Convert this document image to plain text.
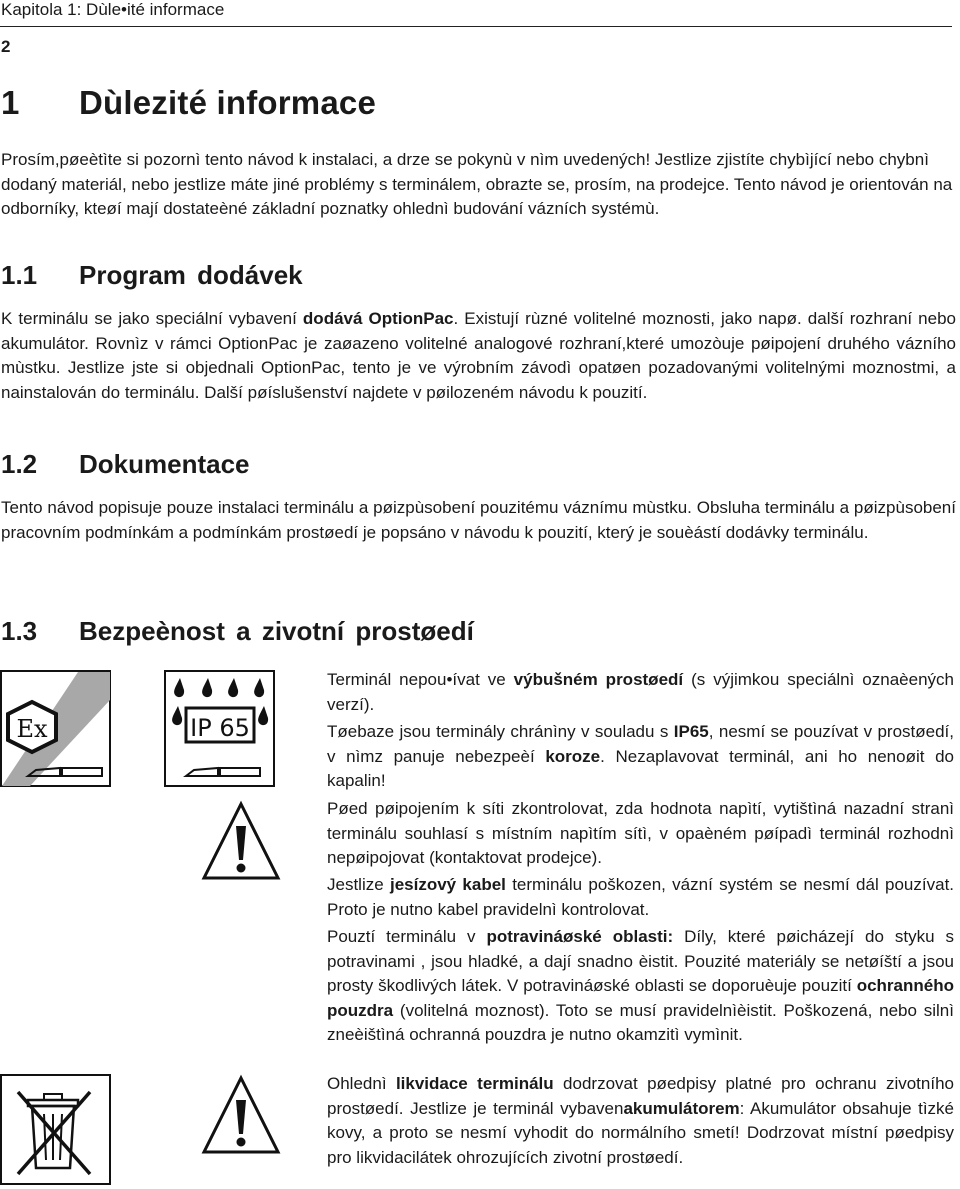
Kapitola 1: Dùle•ité informace
2
1 Dùlezité informace

Prosím,pøeètìte si pozornì tento návod k instalaci, a drze se pokynù v nìm uvedených! Jestlize zjistíte chybìjící nebo chybnì dodaný materiál, nebo jestlize máte jiné problémy s terminálem, obrazte se, prosím, na prodejce. Tento návod je orientován na odborníky, kteøí mají dostateèné základní poznatky ohlednì budování vázních systémù.

1.1 Program dodávek

K terminálu se jako speciální vybavení dodává OptionPac. Existují rùzné volitelné moznosti, jako napø. další rozhraní nebo akumulátor. Rovnìz v rámci OptionPac je zaøazeno volitelné analogové rozhraní,které umozòuje pøipojení druhého vázního mùstku. Jestlize jste si objednali OptionPac, tento je ve výrobním závodì opatøen pozadovanými volitelnými moznostmi, a nainstalován do terminálu. Další pøíslušenství najdete v pøilozeném návodu k pouzití.

1.2 Dokumentace

Tento návod popisuje pouze instalaci terminálu a pøizpùsobení pouzitému váznímu mùstku. Obsluha terminálu a pøizpùsobení pracovním podmínkám a podmínkám prostøedí je popsáno v návodu k pouzití, který je souèástí dodávky terminálu.

1.3 Bezpeènost a zivotní prostøedí
Ex	IP 65

Terminál nepou•ívat ve výbušném prostøedí (s výjimkou speciálnì oznaèených verzí).

Tøebaze jsou terminály chránìny v souladu s IP65, nesmí se pouzívat v prostøedí, v nìmz panuje nebezpeèí koroze. Nezaplavovat terminál, ani ho nenoøit do kapalin!

Pøed pøipojením k síti zkontrolovat, zda hodnota napìtí, vytištìná nazadní stranì terminálu souhlasí s místním napìtím sítì, v opaèném pøípadì terminál rozhodnì nepøipojovat (kontaktovat prodejce).

Jestlize jesízový kabel terminálu poškozen, vázní systém se nesmí dál pouzívat. Proto je nutno kabel pravidelnì kontrolovat.

Pouztí terminálu v potravináøské oblasti: Díly, které pøicházejí do styku s potravinami , jsou hladké, a dají snadno èistit. Pouzité materiály se netøíští a jsou prosty škodlivých látek. V potravináøské oblasti se doporuèuje pouzití ochranného pouzdra (volitelná moznost). Toto se musí pravidelnìèistit. Poškozená, nebo silnì zneèištìná ochranná pouzdra je nutno okamzitì vymìnit.

Ohlednì likvidace terminálu dodrzovat pøedpisy platné pro ochranu zivotního prostøedí. Jestlize je terminál vybavenakumulátorem: Akumulátor obsahuje tìzké kovy, a proto se nesmí vyhodit do normálního smetí! Dodrzovat místní pøedpisy pro likvidacilátek ohrozujících zivotní prostøedí.
